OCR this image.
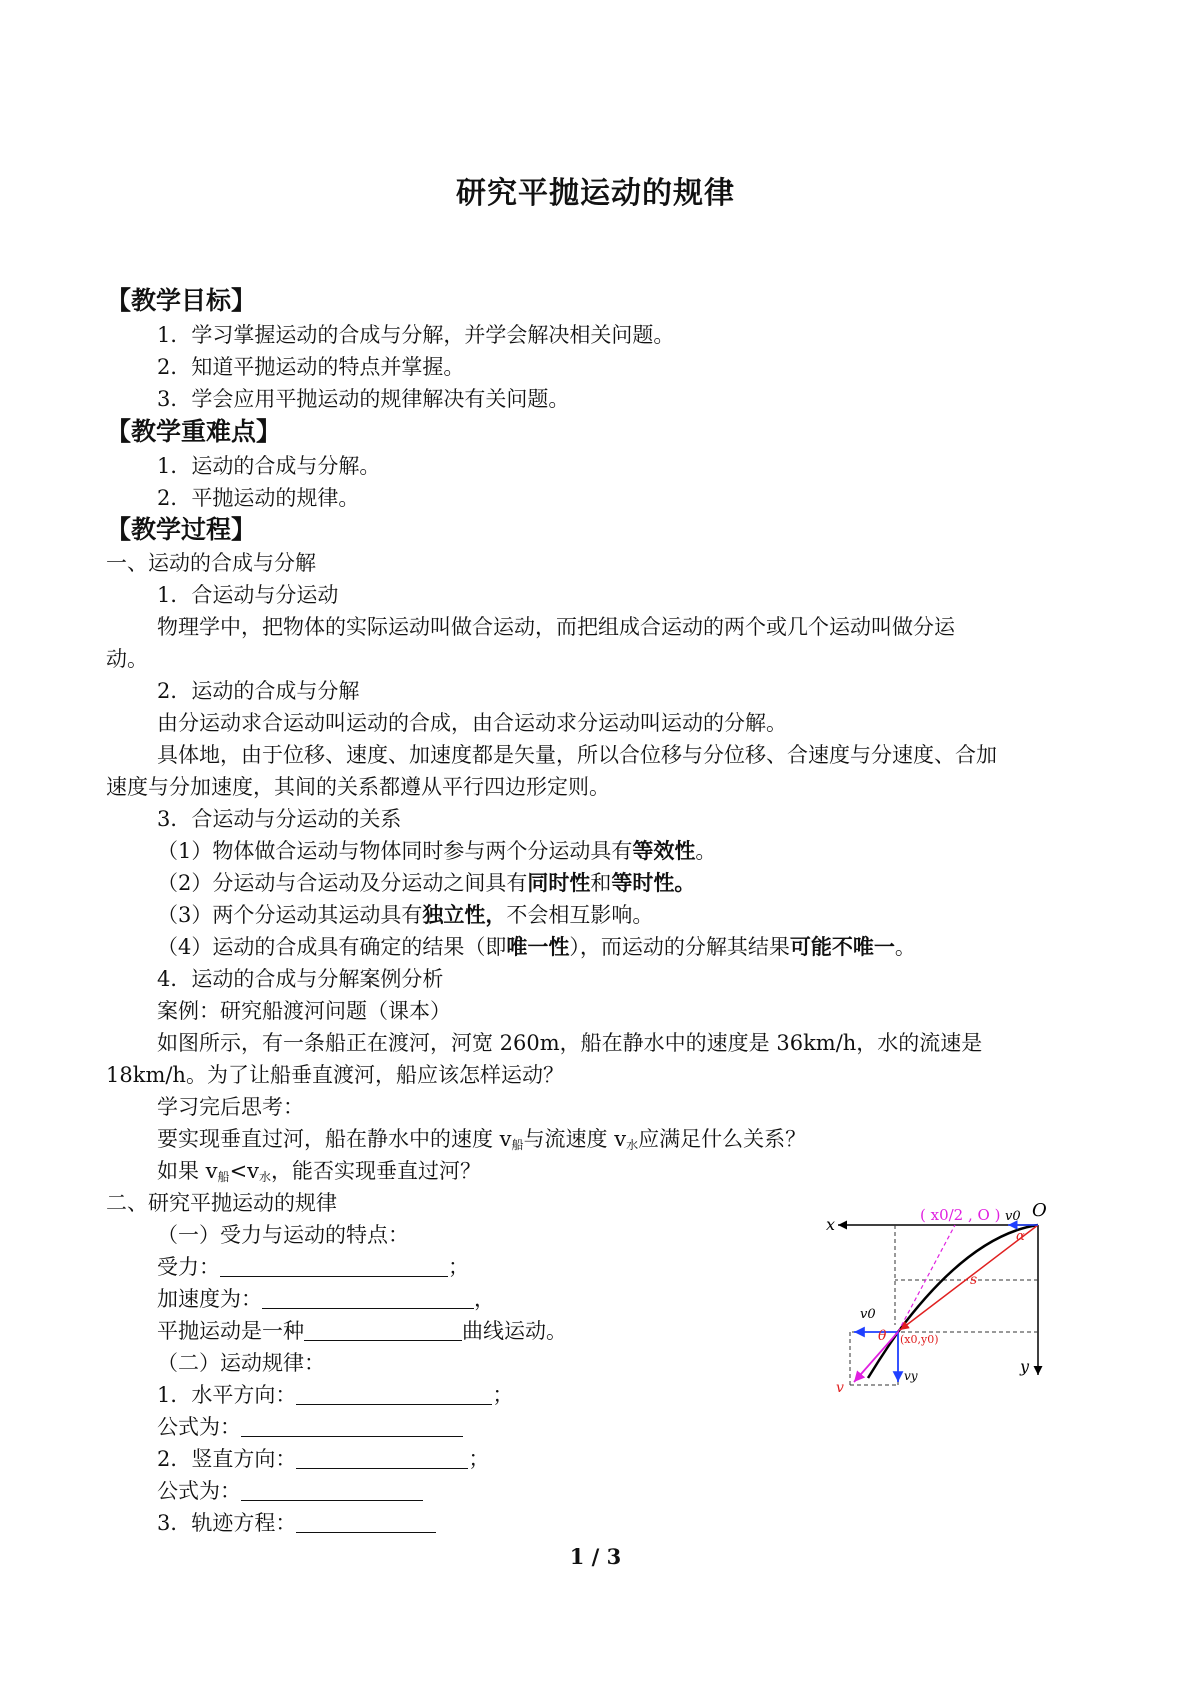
研究平抛运动的规律
【教学目标】
1．学习掌握运动的合成与分解，并学会解决相关问题。
2．知道平抛运动的特点并掌握。
3．学会应用平抛运动的规律解决有关问题。
【教学重难点】
1．运动的合成与分解。
2．平抛运动的规律。
【教学过程】
一、运动的合成与分解
1．合运动与分运动
物理学中，把物体的实际运动叫做合运动，而把组成合运动的两个或几个运动叫做分运
动。
2．运动的合成与分解
由分运动求合运动叫运动的合成，由合运动求分运动叫运动的分解。
具体地，由于位移、速度、加速度都是矢量，所以合位移与分位移、合速度与分速度、合加
速度与分加速度，其间的关系都遵从平行四边形定则。
3．合运动与分运动的关系
（1）物体做合运动与物体同时参与两个分运动具有等效性。
（2）分运动与合运动及分运动之间具有同时性和等时性。
（3）两个分运动其运动具有独立性，不会相互影响。
（4）运动的合成具有确定的结果（即唯一性），而运动的分解其结果可能不唯一。
4．运动的合成与分解案例分析
案例：研究船渡河问题（课本）
如图所示，有一条船正在渡河，河宽 260m，船在静水中的速度是 36km/h，水的流速是
18km/h。为了让船垂直渡河，船应该怎样运动？
学习完后思考：
要实现垂直过河，船在静水中的速度 $v_船$与流速度 $v_水$应满足什么关系？
如果 $v_船<v_水$，能否实现垂直过河？
二、研究平抛运动的规律
（一）受力与运动的特点：
受力：	；
加速度为：	，
平抛运动是一种	曲线运动。
（二）运动规律：
1．水平方向：	；
公式为：
2．竖直方向：	；
公式为：
3．轨迹方程：
x
O
y
( x0/2 , O ) v0
α
s
v0
θ (x0,y0)
vy
v
1 / 3
